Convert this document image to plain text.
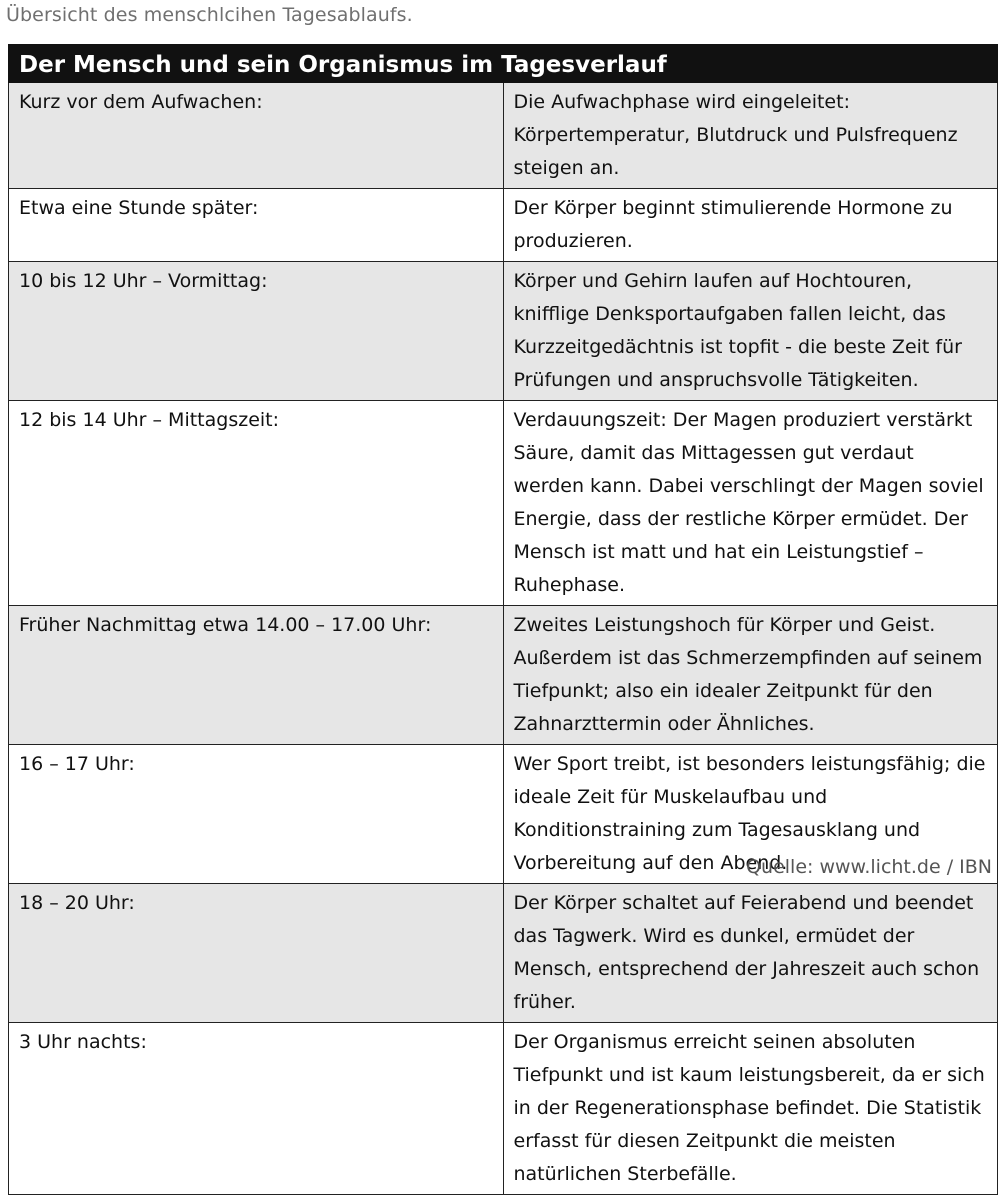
Übersicht des menschlcihen Tagesablaufs.
Der Mensch und sein Organismus im Tagesverlauf	
Kurz vor dem Aufwachen:	Die Aufwachphase wird eingeleitet: Körpertemperatur, Blutdruck und Pulsfrequenz steigen an.
Etwa eine Stunde später:	Der Körper beginnt stimulierende Hormone zu produzieren.
10 bis 12 Uhr – Vormittag:	Körper und Gehirn laufen auf Hochtouren, knifflige Denksportaufgaben fallen leicht, das Kurzzeitgedächtnis ist topfit - die beste Zeit für Prüfungen und anspruchsvolle Tätigkeiten.
12 bis 14 Uhr – Mittagszeit:	Verdauungszeit: Der Magen produziert verstärkt Säure, damit das Mittagessen gut verdaut werden kann. Dabei verschlingt der Magen soviel Energie, dass der restliche Körper ermüdet. Der Mensch ist matt und hat ein Leistungstief – Ruhephase.
Früher Nachmittag etwa 14.00 – 17.00 Uhr:	Zweites Leistungshoch für Körper und Geist. Außerdem ist das Schmerzempfinden auf seinem Tiefpunkt; also ein idealer Zeitpunkt für den Zahnarzttermin oder Ähnliches.
16 – 17 Uhr:	Wer Sport treibt, ist besonders leistungsfähig; die ideale Zeit für Muskelaufbau und Konditionstraining zum Tagesausklang und Vorbereitung auf den Abend.
18 – 20 Uhr:	Der Körper schaltet auf Feierabend und beendet das Tagwerk. Wird es dunkel, ermüdet der Mensch, entsprechend der Jahreszeit auch schon früher.
3 Uhr nachts:	Der Organismus erreicht seinen absoluten Tiefpunkt und ist kaum leistungsbereit, da er sich in der Regenerationsphase befindet. Die Statistik erfasst für diesen Zeitpunkt die meisten natürlichen Sterbefälle.
Quelle: www.licht.de / IBN
